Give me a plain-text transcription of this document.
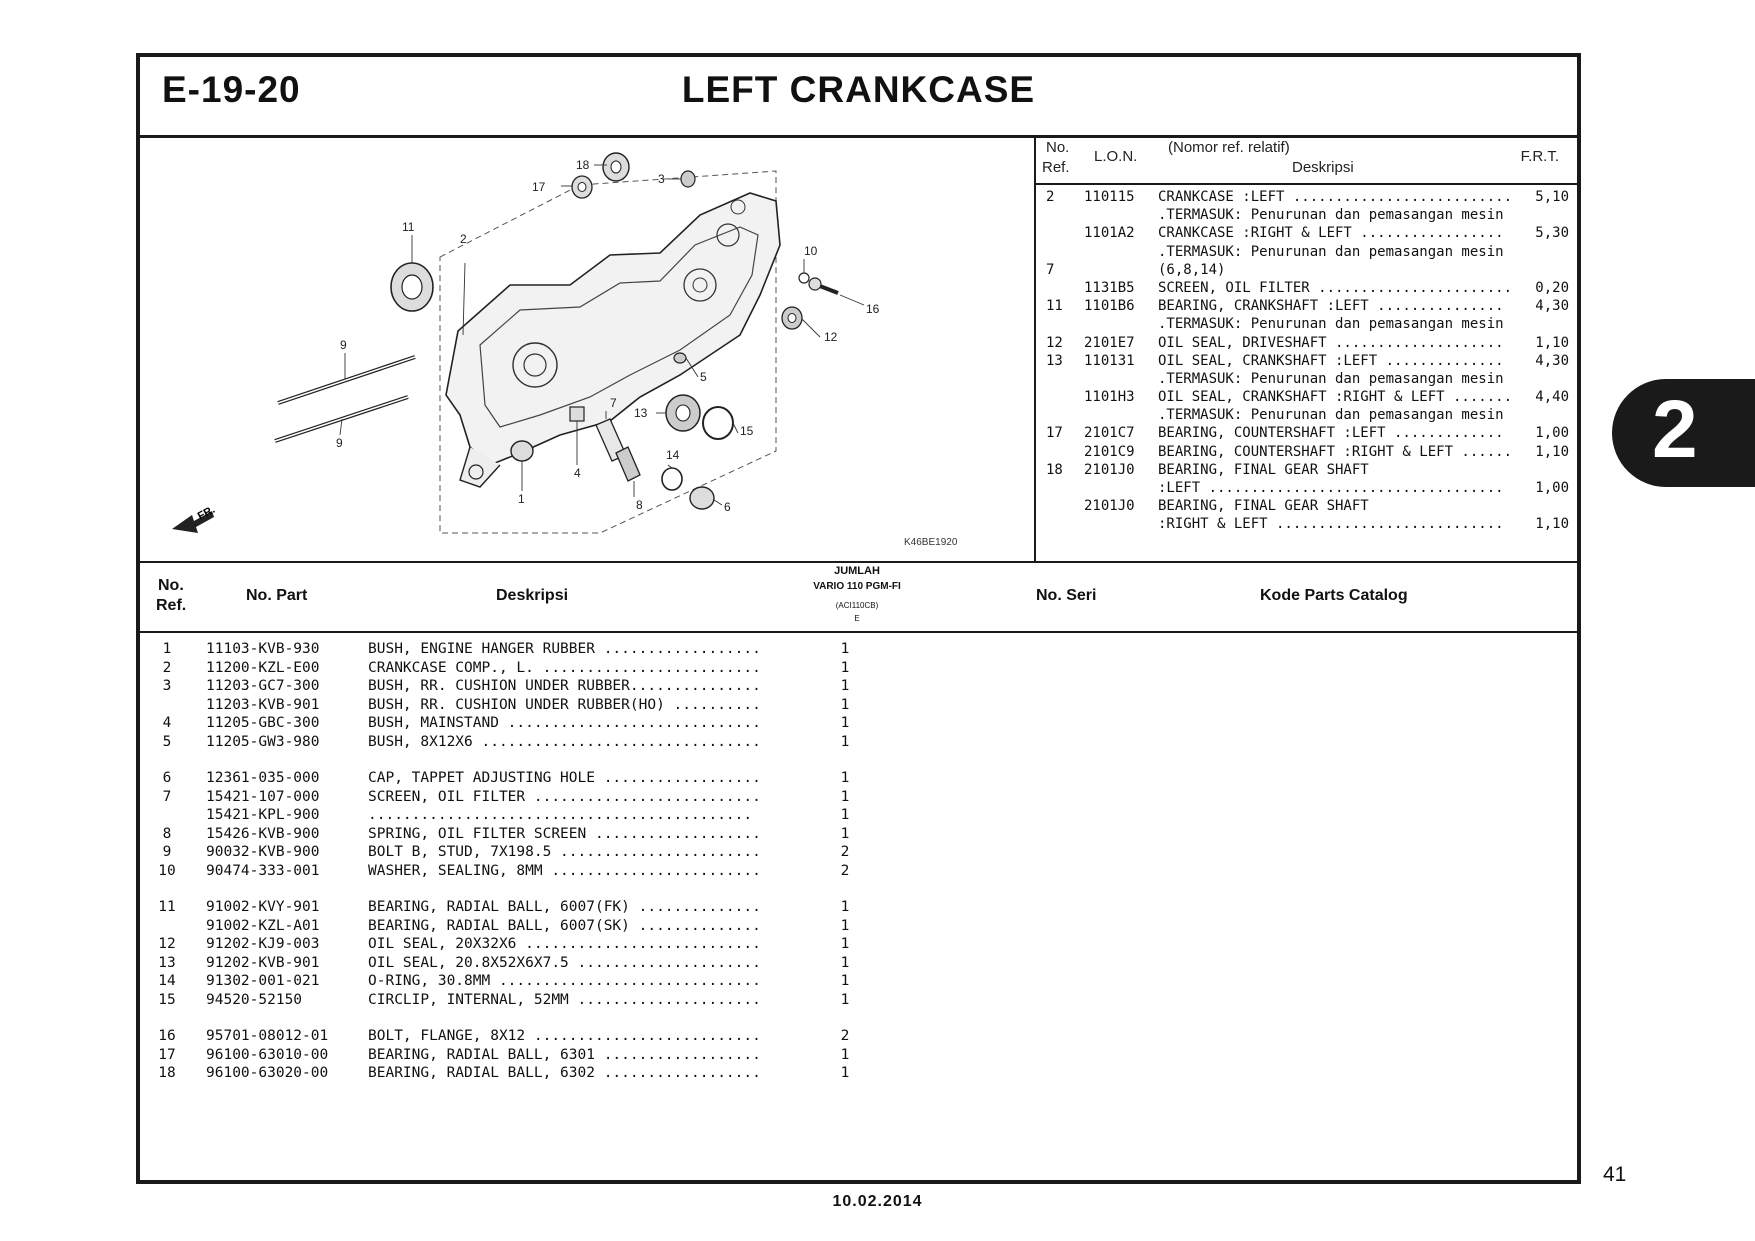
E-19-20	LEFT CRANKCASE
18
17
3
11
2
10
16
12
9
9
5
7
13
15
14
4
1	8	6
FR.
K46BE1920
No.
Ref.
L.O.N.
(Nomor ref. relatif)
Deskripsi
F.R.T.
2 110115 CRANKCASE :LEFT .......................... 5,10
.TERMASUK: Penurunan dan pemasangan mesin
1101A2 CRANKCASE :RIGHT & LEFT ................. 5,30
.TERMASUK: Penurunan dan pemasangan mesin
7	(6,8,14)
1131B5 SCREEN, OIL FILTER ....................... 0,20
11 1101B6 BEARING, CRANKSHAFT :LEFT ............... 4,30
.TERMASUK: Penurunan dan pemasangan mesin
12 2101E7 OIL SEAL, DRIVESHAFT .................... 1,10
13 110131 OIL SEAL, CRANKSHAFT :LEFT .............. 4,30
.TERMASUK: Penurunan dan pemasangan mesin
1101H3 OIL SEAL, CRANKSHAFT :RIGHT & LEFT ....... 4,40
.TERMASUK: Penurunan dan pemasangan mesin
17 2101C7 BEARING, COUNTERSHAFT :LEFT ............. 1,00
2101C9 BEARING, COUNTERSHAFT :RIGHT & LEFT ...... 1,10
18 2101J0 BEARING, FINAL GEAR SHAFT
:LEFT ................................... 1,00
2101J0 BEARING, FINAL GEAR SHAFT
:RIGHT & LEFT ........................... 1,10
No.
Ref.
No. Part	Deskripsi
JUMLAH
VARIO 110 PGM-FI
(ACI110CB)
E
No. Seri	Kode Parts Catalog
1	11103-KVB-930	BUSH, ENGINE HANGER RUBBER ..................	1
2	11200-KZL-E00	CRANKCASE COMP., L. .........................	1
3	11203-GC7-300	BUSH, RR. CUSHION UNDER RUBBER...............	1
11203-KVB-901	BUSH, RR. CUSHION UNDER RUBBER(HO) ..........	1
4	11205-GBC-300	BUSH, MAINSTAND .............................	1
5	11205-GW3-980	BUSH, 8X12X6 ................................	1
6	12361-035-000	CAP, TAPPET ADJUSTING HOLE ..................	1
7	15421-107-000	SCREEN, OIL FILTER ..........................	1
15421-KPL-900	............................................	1
8	15426-KVB-900	SPRING, OIL FILTER SCREEN ...................	1
9	90032-KVB-900	BOLT B, STUD, 7X198.5 .......................	2
10	90474-333-001	WASHER, SEALING, 8MM ........................	2
11	91002-KVY-901	BEARING, RADIAL BALL, 6007(FK) ..............	1
91002-KZL-A01	BEARING, RADIAL BALL, 6007(SK) ..............	1
12	91202-KJ9-003	OIL SEAL, 20X32X6 ...........................	1
13	91202-KVB-901	OIL SEAL, 20.8X52X6X7.5 .....................	1
14	91302-001-021	O-RING, 30.8MM ..............................	1
15	94520-52150	CIRCLIP, INTERNAL, 52MM .....................	1
16	95701-08012-01	BOLT, FLANGE, 8X12 ..........................	2
17	96100-63010-00	BEARING, RADIAL BALL, 6301 ..................	1
18	96100-63020-00	BEARING, RADIAL BALL, 6302 ..................	1
2
41
10.02.2014
